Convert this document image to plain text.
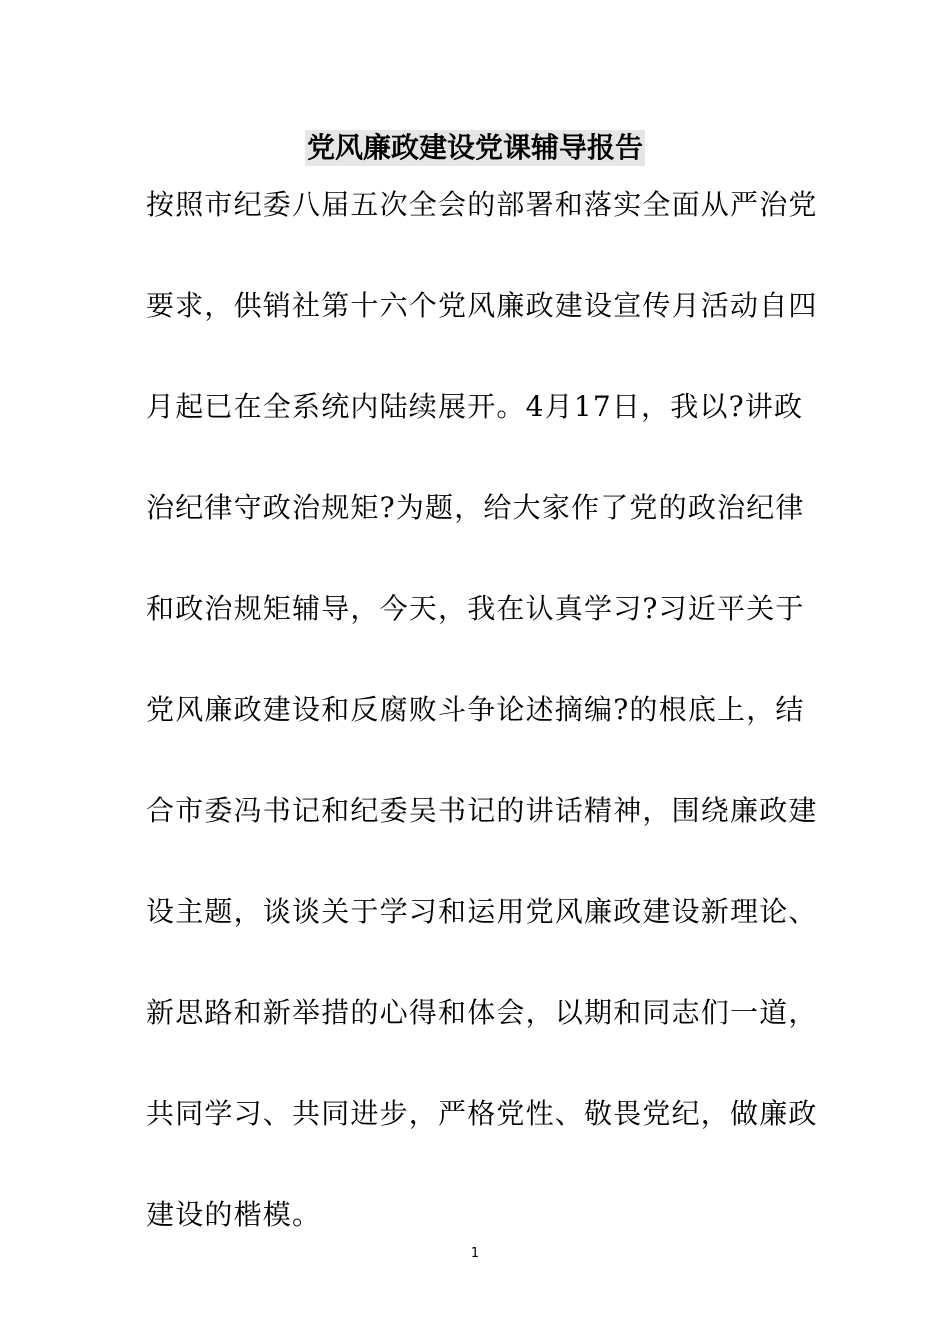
党风廉政建设党课辅导报告
按照市纪委八届五次全会的部署和落实全面从严治党
要求，供销社第十六个党风廉政建设宣传月活动自四
月起已在全系统内陆续展开。4月17日，我以?讲政
治纪律守政治规矩?为题，给大家作了党的政治纪律
和政治规矩辅导，今天，我在认真学习?习近平关于
党风廉政建设和反腐败斗争论述摘编?的根底上，结
合市委冯书记和纪委吴书记的讲话精神，围绕廉政建
设主题，谈谈关于学习和运用党风廉政建设新理论、
新思路和新举措的心得和体会，以期和同志们一道，
共同学习、共同进步，严格党性、敬畏党纪，做廉政
建设的楷模。
1
